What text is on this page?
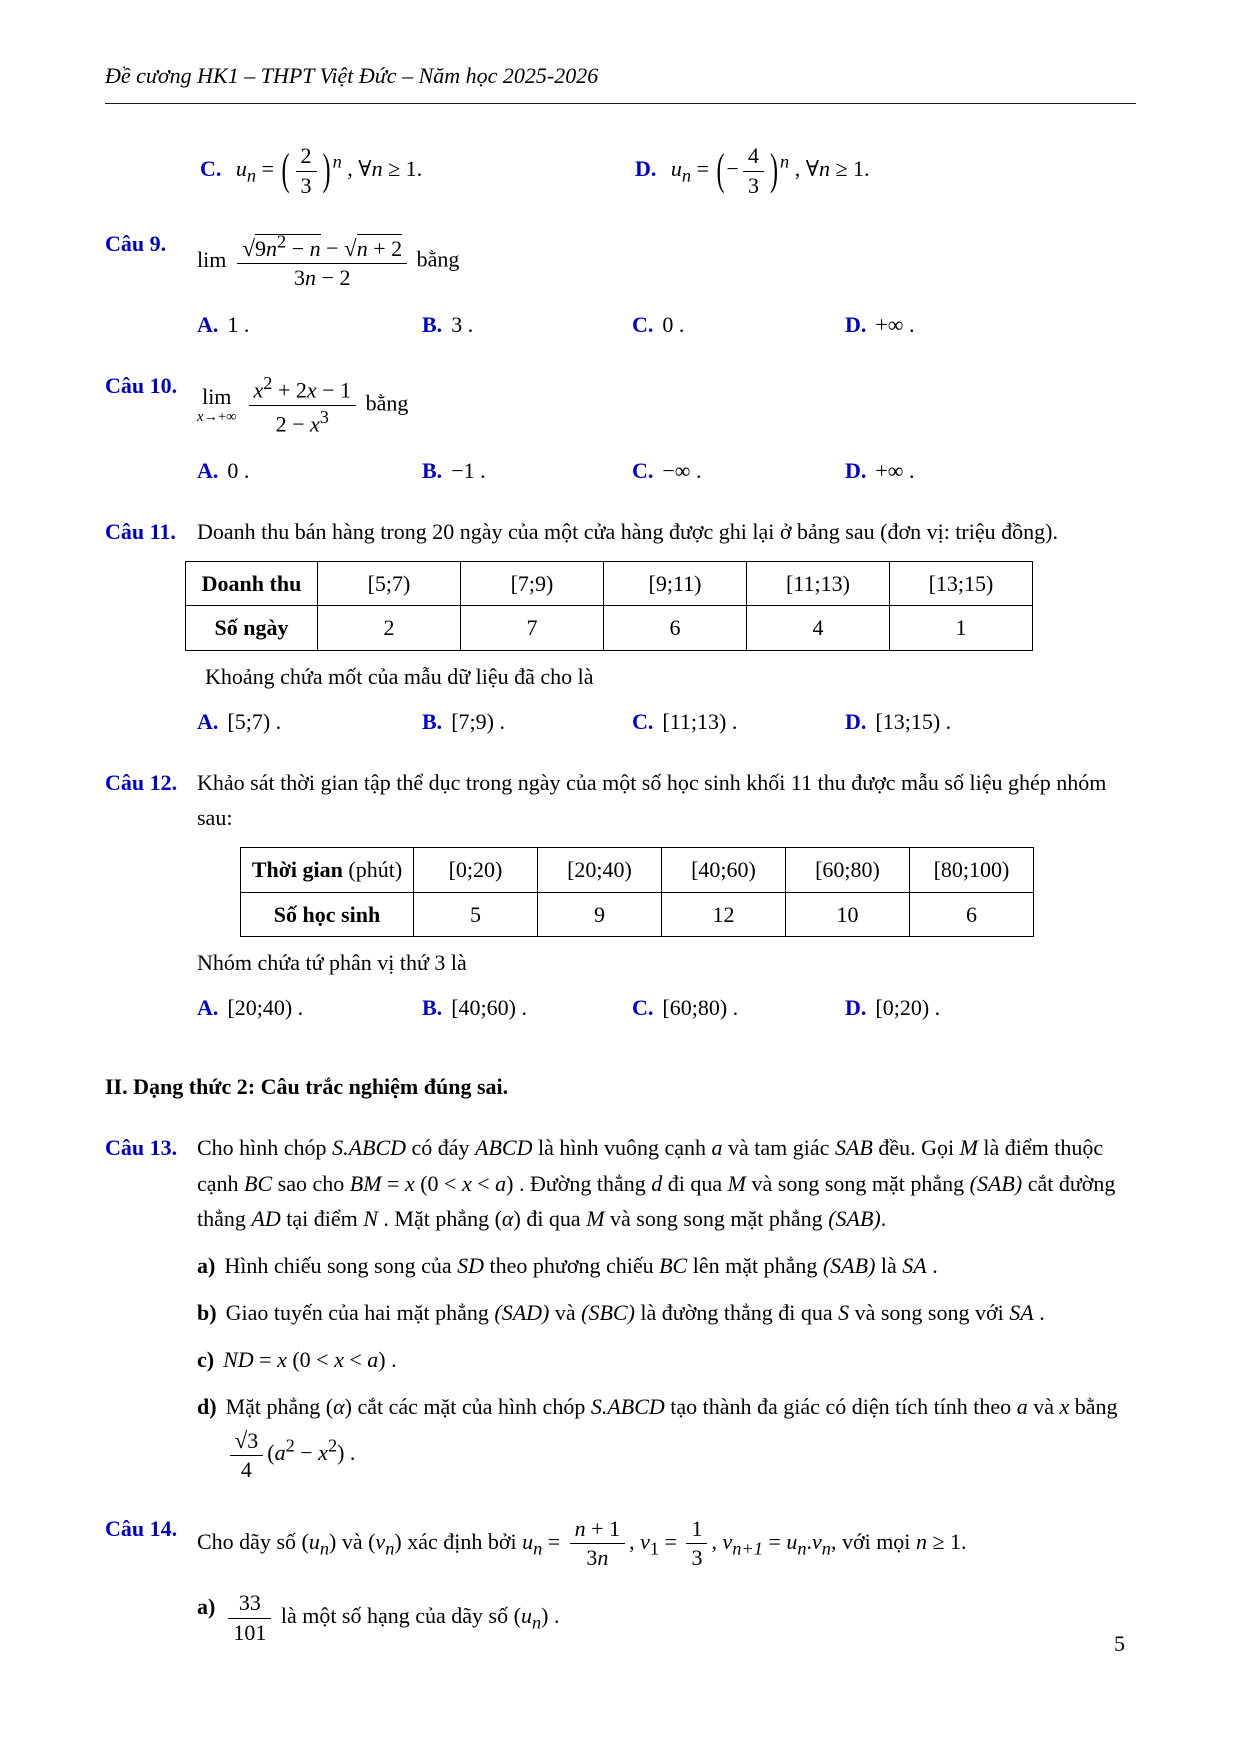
Đề cương HK1 – THPT Việt Đức – Năm học 2025-2026
C. $u_n$ = ( $\frac{2}{3}$ ) $^n$ , ∀n ≥ 1.	D. $u_n$ = (− $\frac{4}{3}$ ) $^n$ , ∀n ≥ 1.
Câu 9.
$\lim \frac{√9n^2 - n - √n + 2}{3n - 2}$ bằng
A. 1 .	B. 3 .	C. 0 .	D. +∞ .
Câu 10.	lim
$x\to+\infty \frac{x^2 + 2x - 1}{2 - x^3}$ bằng
A. 0 .	B. −1 .	C. −∞ .	D. +∞ .
Câu 11. Doanh thu bán hàng trong 20 ngày của một cửa hàng được ghi lại ở bảng sau (đơn vị: triệu đồng).
Doanh thu	[5;7)	[7;9)	[9;11)	[11;13)	[13;15)
Số ngày	2	7	6	4	1
Khoảng chứa mốt của mẫu dữ liệu đã cho là
A. [5;7) .	B. [7;9) .	C. [11;13) .	D. [13;15) .
Câu 12. Khảo sát thời gian tập thể dục trong ngày của một số học sinh khối 11 thu được mẫu số liệu ghép nhóm sau:
Thời gian (phút)	[0;20)	[20;40)	[40;60)	[60;80)	[80;100)
Số học sinh	5	9	12	10	6
Nhóm chứa tứ phân vị thứ 3 là
A. [20;40) .	B. [40;60) .	C. [60;80) .	D. [0;20) .
II. Dạng thức 2: Câu trắc nghiệm đúng sai.
Câu 13. Cho hình chóp S.ABCD có đáy ABCD là hình vuông cạnh a và tam giác SAB đều. Gọi M là điểm thuộc cạnh BC sao cho BM = x (0 < x < a) . Đường thẳng d đi qua M và song song mặt phẳng (SAB) cắt đường thẳng AD tại điểm N . Mặt phẳng (α) đi qua M và song song mặt phẳng (SAB).
a) Hình chiếu song song của SD theo phương chiếu BC lên mặt phẳng (SAB) là SA .
b) Giao tuyến của hai mặt phẳng (SAD) và (SBC) là đường thẳng đi qua S và song song với SA .
c) ND = x (0 < x < a) .
d) Mặt phẳng (α) cắt các mặt của hình chóp S.ABCD tạo thành đa giác có diện tích tính theo a và x bằng
$\frac{√3}{4} (a^2 - x^2)$ .
Câu 14.
Cho dãy số $(u_n)$ và $(v_n)$ xác định bởi $u_n = \frac{n + 1}{3n}$ , $v_1 = \frac{1}{3}$ , $v_{n+1} = u_n.v_n$, với mọi n ≥ 1.
$a) \frac{33}{101}$ là một số hạng của dãy số $(u_n)$ .
5
